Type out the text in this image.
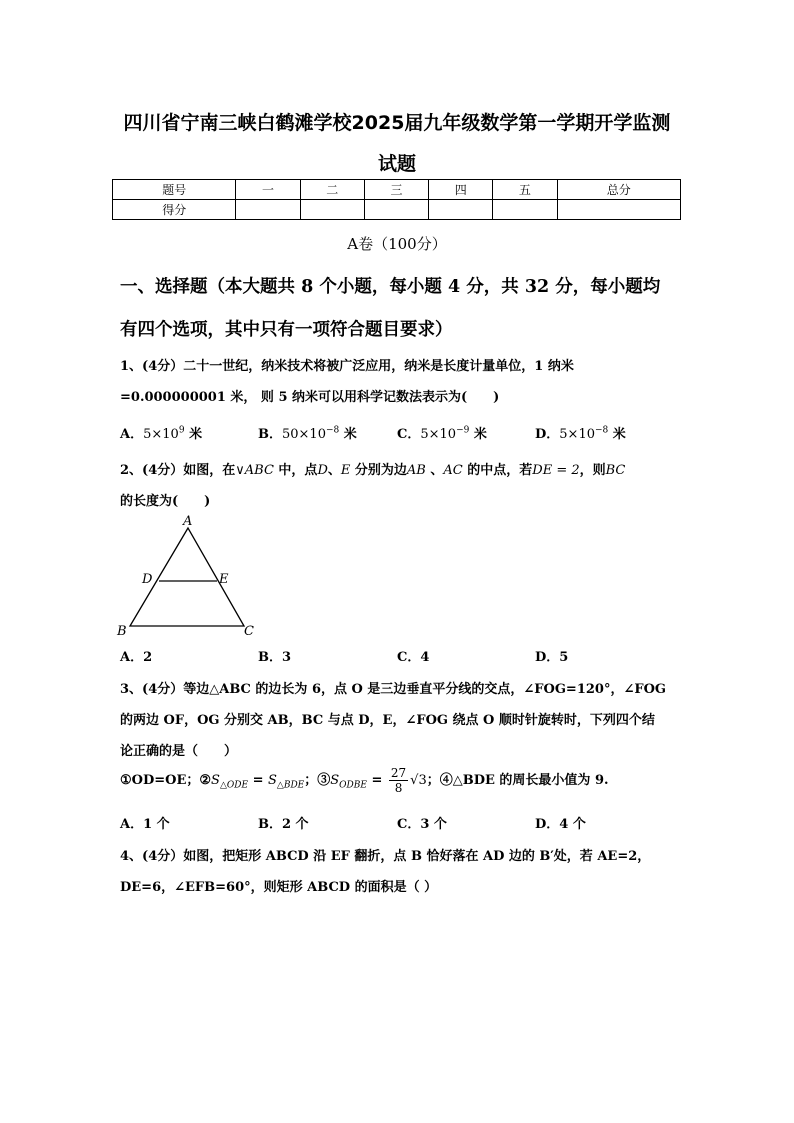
四川省宁南三峡白鹤滩学校2025届九年级数学第一学期开学监测
试题
题号	一	二	三	四	五	总分
得分						
A卷（100分）
一、选择题（本大题共 8 个小题，每小题 4 分，共 32 分，每小题均
有四个选项，其中只有一项符合题目要求）
1、(4分）二十一世纪，纳米技术将被广泛应用，纳米是长度计量单位，1 纳米
=0.000000001 米， 则 5 纳米可以用科学记数法表示为(　　)
A．$5\times 10^9$ 米	B．$50\times 10^{-8}$ 米	C．$5\times 10^{-9}$ 米	D．$5\times 10^{-8}$ 米
2、(4分）如图，在∨ABC 中，点D、E 分别为边AB 、AC 的中点，若DE = 2，则BC
的长度为(　　)
A
B	C
D	E
A．2	B．3	C．4	D．5
3、(4分）等边△ABC 的边长为 6，点 O 是三边垂直平分线的交点，∠FOG=120°，∠FOG
的两边 OF，OG 分别交 AB，BC 与点 D，E，∠FOG 绕点 O 顺时针旋转时，下列四个结
论正确的是（　　）
①OD=OE；$②S_{\triangle ODE} = S_{\triangle BDE}$；$③S_{ODBE} = \frac{27}{8} √3$；④△BDE 的周长最小值为 9.
A．1 个	B．2 个	C．3 个	D．4 个
4、(4分）如图，把矩形 ABCD 沿 EF 翻折，点 B 恰好落在 AD 边的 B′处，若 AE=2，
DE=6，∠EFB=60°，则矩形 ABCD 的面积是（ ）
